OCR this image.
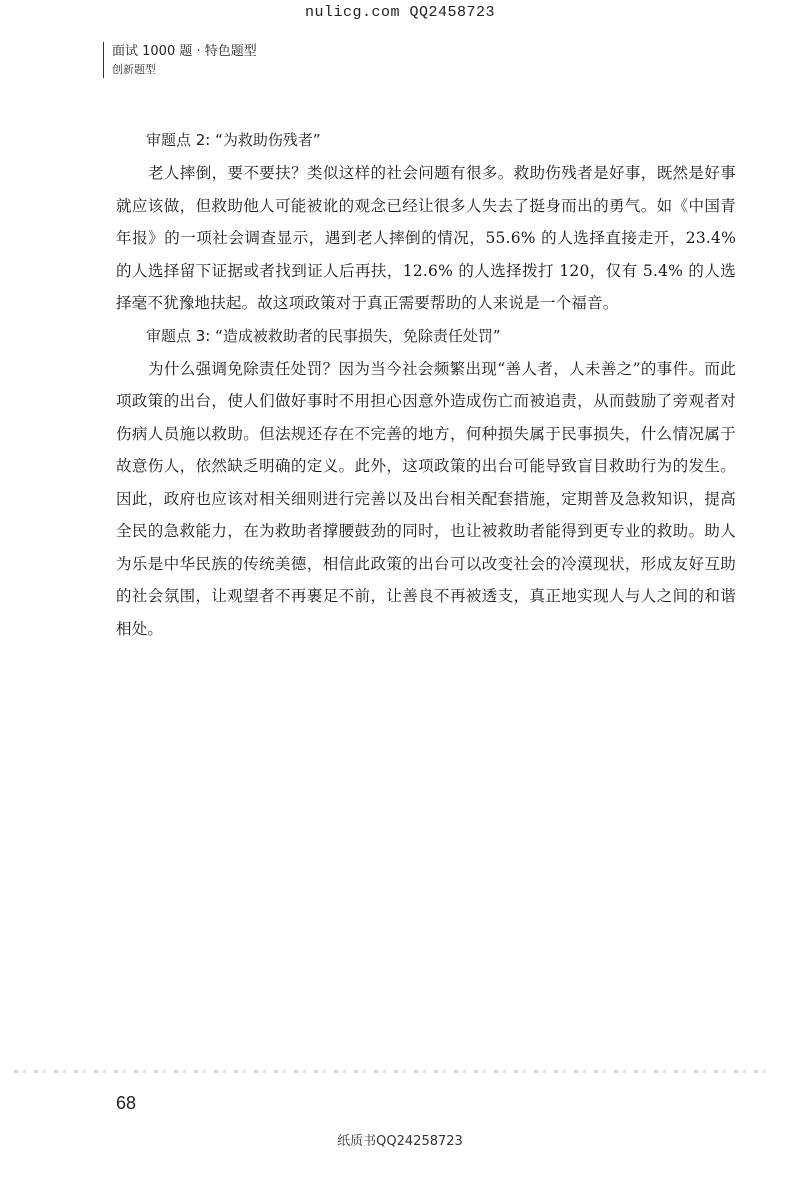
nulicg.com QQ2458723
面试 1000 题 · 特色题型
创新题型

审题点 2: “为救助伤残者”

老人摔倒，要不要扶？类似这样的社会问题有很多。救助伤残者是好事，既然是好事就应该做，但救助他人可能被讹的观念已经让很多人失去了挺身而出的勇气。如《中国青年报》的一项社会调查显示，遇到老人摔倒的情况，55.6% 的人选择直接走开，23.4% 的人选择留下证据或者找到证人后再扶，12.6% 的人选择拨打 120，仅有 5.4% 的人选择毫不犹豫地扶起。故这项政策对于真正需要帮助的人来说是一个福音。

审题点 3: “造成被救助者的民事损失，免除责任处罚”

为什么强调免除责任处罚？因为当今社会频繁出现“善人者，人未善之”的事件。而此项政策的出台，使人们做好事时不用担心因意外造成伤亡而被追责，从而鼓励了旁观者对伤病人员施以救助。但法规还存在不完善的地方，何种损失属于民事损失，什么情况属于故意伤人，依然缺乏明确的定义。此外，这项政策的出台可能导致盲目救助行为的发生。因此，政府也应该对相关细则进行完善以及出台相关配套措施，定期普及急救知识，提高全民的急救能力，在为救助者撑腰鼓劲的同时，也让被救助者能得到更专业的救助。助人为乐是中华民族的传统美德，相信此政策的出台可以改变社会的冷漠现状，形成友好互助的社会氛围，让观望者不再裹足不前，让善良不再被透支，真正地实现人与人之间的和谐相处。

68
纸质书QQ24258723
